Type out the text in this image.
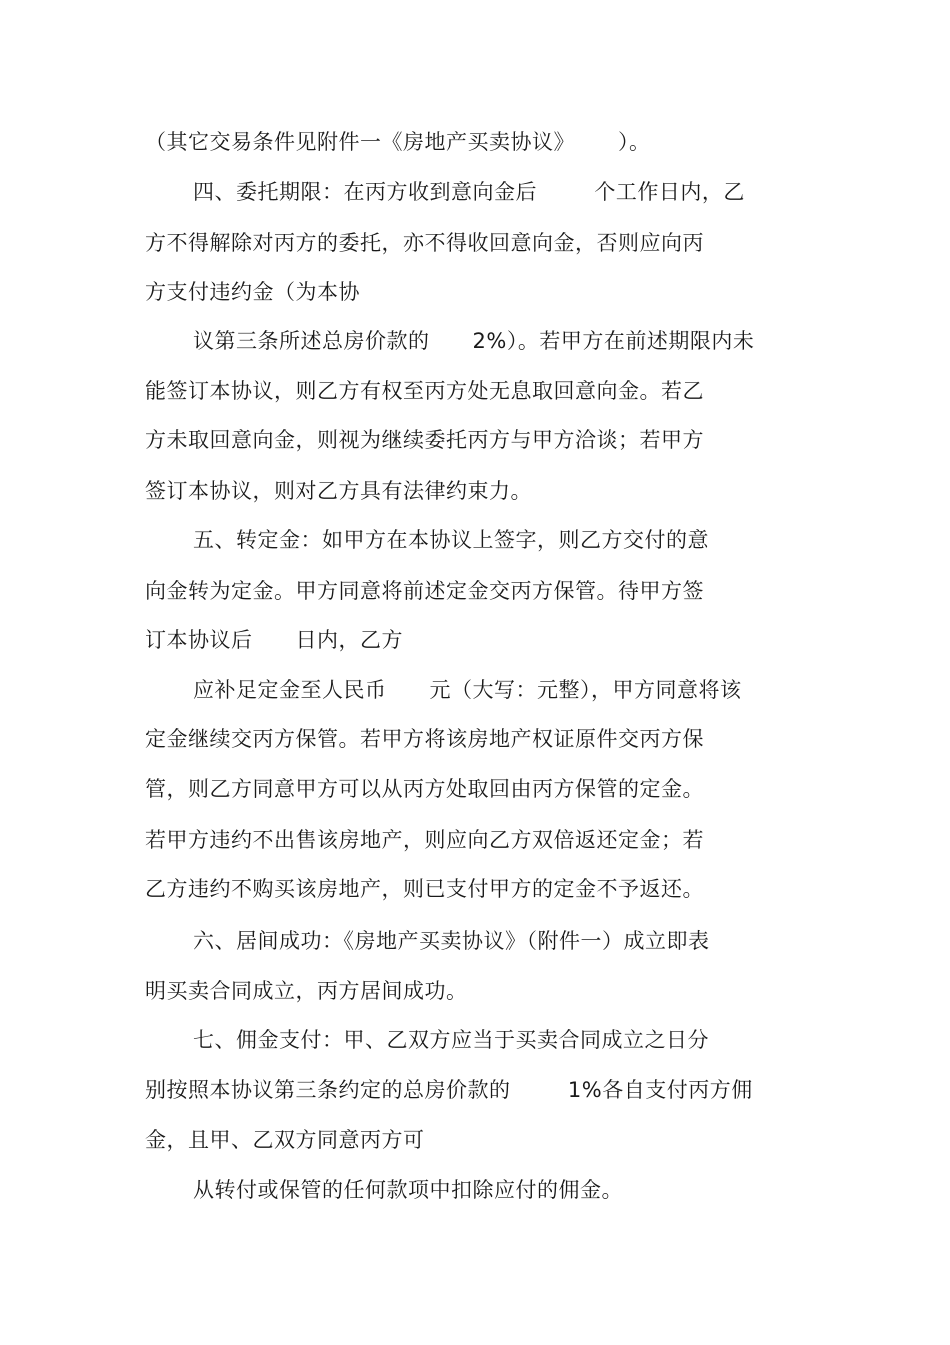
（其它交易条件见附件一《房地产买卖协议》      ）。
四、委托期限：在丙方收到意向金后        个工作日内，乙
方不得解除对丙方的委托，亦不得收回意向金，否则应向丙
方支付违约金（为本协
议第三条所述总房价款的      2%）。若甲方在前述期限内未
能签订本协议，则乙方有权至丙方处无息取回意向金。若乙
方未取回意向金，则视为继续委托丙方与甲方洽谈；若甲方
签订本协议，则对乙方具有法律约束力。
五、转定金：如甲方在本协议上签字，则乙方交付的意
向金转为定金。甲方同意将前述定金交丙方保管。待甲方签
订本协议后      日内，乙方
应补足定金至人民币      元（大写：元整），甲方同意将该
定金继续交丙方保管。若甲方将该房地产权证原件交丙方保
管，则乙方同意甲方可以从丙方处取回由丙方保管的定金。
若甲方违约不出售该房地产，则应向乙方双倍返还定金；若
乙方违约不购买该房地产，则已支付甲方的定金不予返还。
六、居间成功：《房地产买卖协议》（附件一）成立即表
明买卖合同成立，丙方居间成功。
七、佣金支付：甲、乙双方应当于买卖合同成立之日分
别按照本协议第三条约定的总房价款的        1%各自支付丙方佣
金，且甲、乙双方同意丙方可
从转付或保管的任何款项中扣除应付的佣金。
